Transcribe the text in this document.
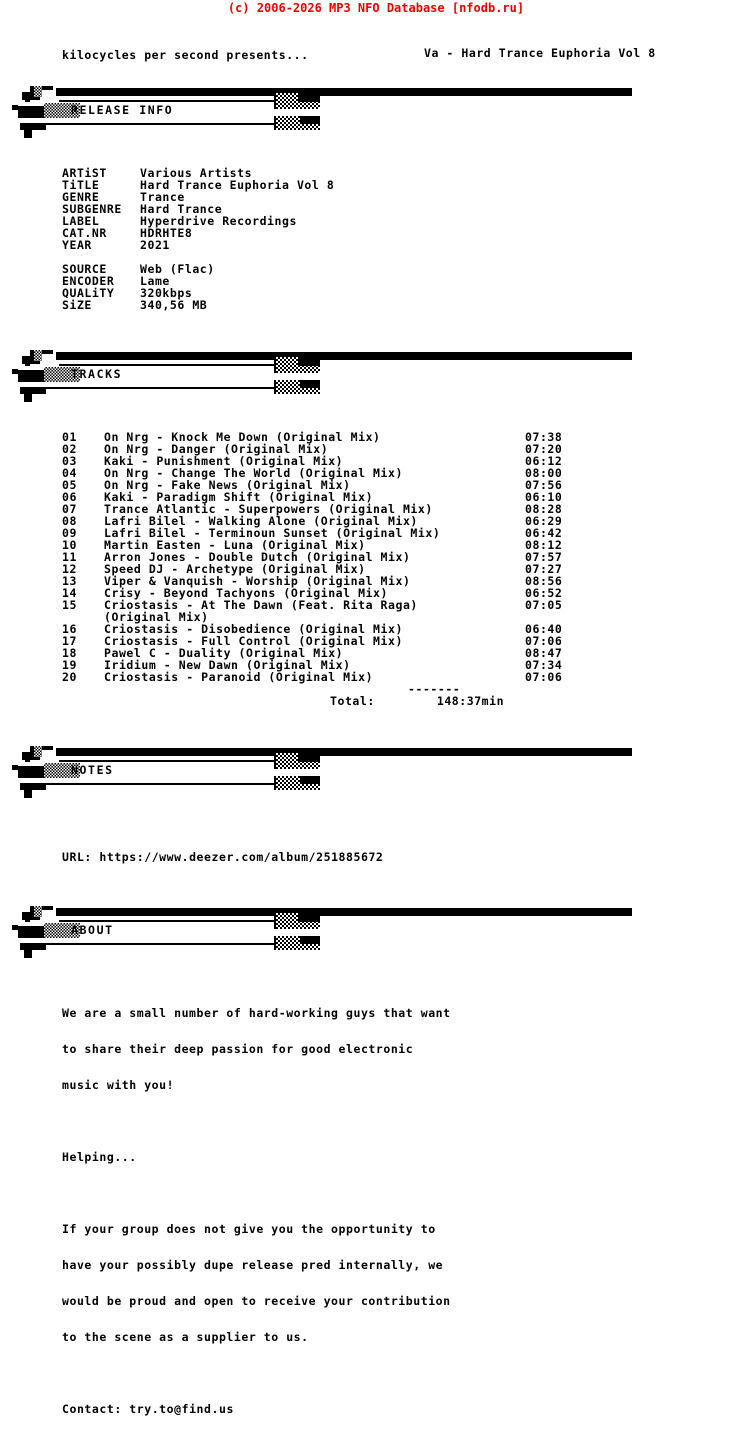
(c) 2006-2026 MP3 NFO Database [nfodb.ru]
kilocycles per second presents...	Va - Hard Trance Euphoria Vol 8
RELEASE INFO
ARTiST	Various Artists
TiTLE	Hard Trance Euphoria Vol 8
GENRE	Trance
SUBGENRE	Hard Trance
LABEL	Hyperdrive Recordings
CAT.NR	HDRHTE8
YEAR	2021
SOURCE	Web (Flac)
ENCODER	Lame
QUALiTY	320kbps
SiZE	340,56 MB
TRACKS
01 On Nrg - Knock Me Down (Original Mix)	07:38
02 On Nrg - Danger (Original Mix)	07:20
03 Kaki - Punishment (Original Mix)	06:12
04 On Nrg - Change The World (Original Mix)	08:00
05 On Nrg - Fake News (Original Mix)	07:56
06 Kaki - Paradigm Shift (Original Mix)	06:10
07 Trance Atlantic - Superpowers (Original Mix)	08:28
08 Lafri Bilel - Walking Alone (Original Mix)	06:29
09 Lafri Bilel - Terminoun Sunset (Original Mix)	06:42
10 Martin Easten - Luna (Original Mix)	08:12
11 Arron Jones - Double Dutch (Original Mix)	07:57
12 Speed DJ - Archetype (Original Mix)	07:27
13 Viper & Vanquish - Worship (Original Mix)	08:56
14 Crisy - Beyond Tachyons (Original Mix)	06:52
15 Criostasis - At The Dawn (Feat. Rita Raga)	07:05
(Original Mix)
16 Criostasis - Disobedience (Original Mix)	06:40
17 Criostasis - Full Control (Original Mix)	07:06
18 Pawel C - Duality (Original Mix)	08:47
19 Iridium - New Dawn (Original Mix)	07:34
20 Criostasis - Paranoid (Original Mix)	07:06
-------
Total:	148:37min
NOTES
URL: https://www.deezer.com/album/251885672
ABOUT

We are a small number of hard-working guys that want

to share their deep passion for good electronic

music with you!

Helping...

If your group does not give you the opportunity to

have your possibly dupe release pred internally, we

would be proud and open to receive your contribution

to the scene as a supplier to us.

Contact: try.to@find.us
